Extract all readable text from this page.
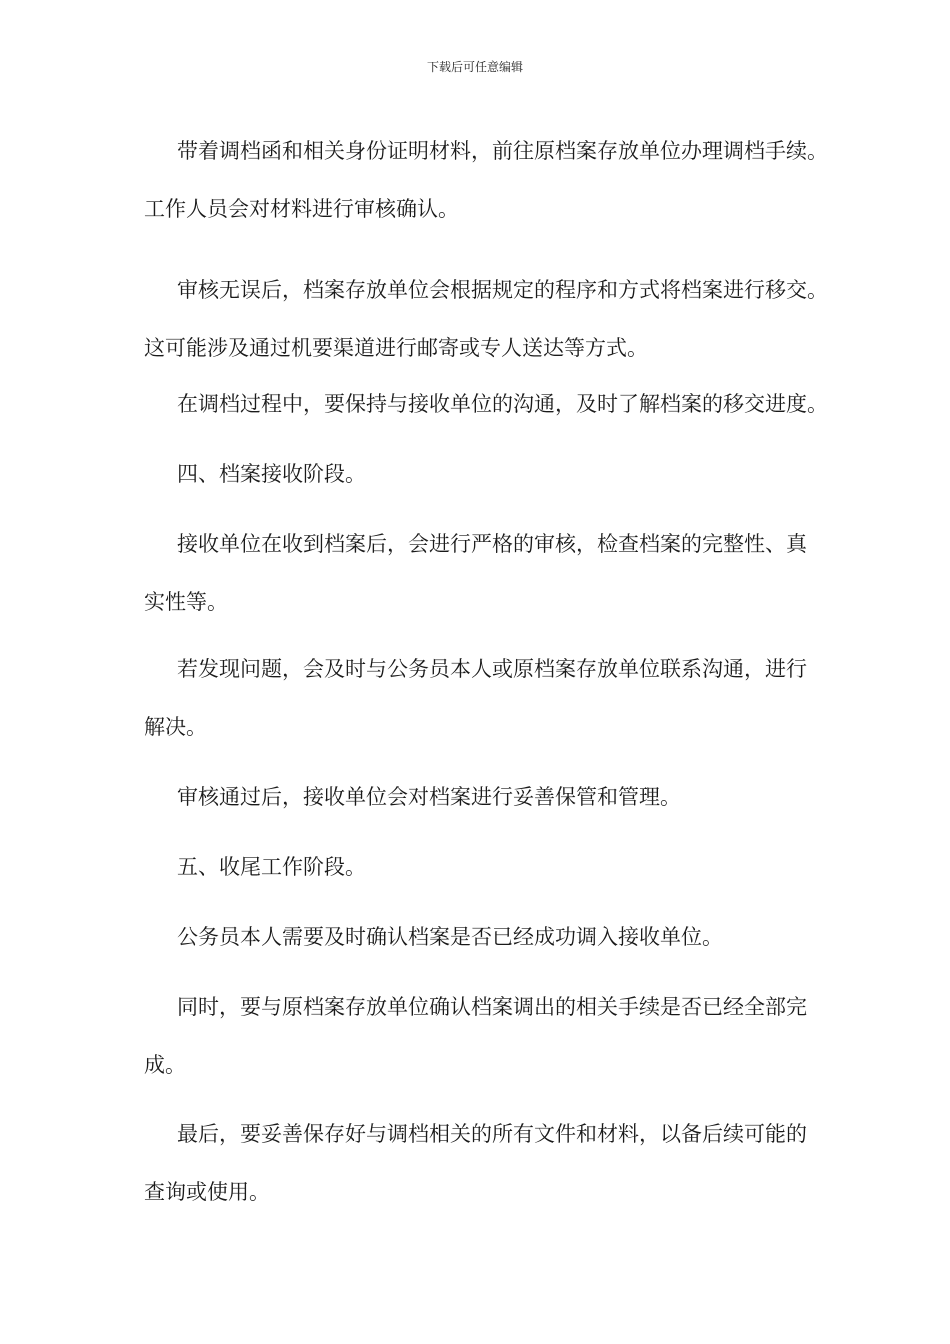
下载后可任意编辑
带着调档函和相关身份证明材料，前往原档案存放单位办理调档手续。
工作人员会对材料进行审核确认。
审核无误后，档案存放单位会根据规定的程序和方式将档案进行移交。
这可能涉及通过机要渠道进行邮寄或专人送达等方式。
在调档过程中，要保持与接收单位的沟通，及时了解档案的移交进度。
四、档案接收阶段。
接收单位在收到档案后，会进行严格的审核，检查档案的完整性、真
实性等。
若发现问题，会及时与公务员本人或原档案存放单位联系沟通，进行
解决。
审核通过后，接收单位会对档案进行妥善保管和管理。
五、收尾工作阶段。
公务员本人需要及时确认档案是否已经成功调入接收单位。
同时，要与原档案存放单位确认档案调出的相关手续是否已经全部完
成。
最后，要妥善保存好与调档相关的所有文件和材料，以备后续可能的
查询或使用。
